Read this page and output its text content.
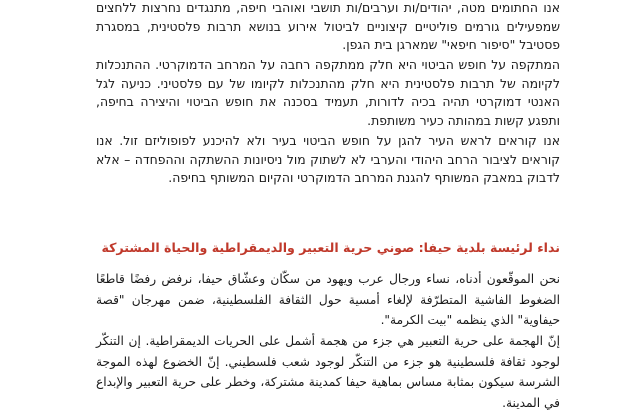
אנו החתומים מטה, יהודים/ות וערבים/ות תושבי ואוהבי חיפה, מתנגדים נחרצות ללחצים שמפעילים גורמים פוליטיים קיצוניים לביטול אירוע בנושא תרבות פלסטינית, במסגרת פסטיבל "סיפור חיפאי" שמארגן בית הגפן.

המתקפה על חופש הביטוי היא חלק ממתקפה רחבה על המרחב הדמוקרטי. ההתנכלות לקיומה של תרבות פלסטינית היא חלק מהתנכלות לקיומו של עם פלסטיני. כניעה לגל האנטי דמוקרטי תהיה בכיה לדורות, תעמיד בסכנה את חופש הביטוי והיצירה בחיפה, ותפגע קשות במהותה כעיר משותפת.

אנו קוראים לראש העיר להגן על חופש הביטוי בעיר ולא להיכנע לפופוליזם זול. אנו קוראים לציבור הרחב היהודי והערבי לא לשתוק מול ניסיונות ההשתקה וההפחדה – אלא לדבוק במאבק המשותף להגנת המרחב הדמוקרטי והקיום המשותף בחיפה.

نداء لرئيسة بلدية حيفا: صوني حرية التعبير والديمقراطية والحياة المشتركة

نحن الموقّعون أدناه، نساء ورجال عرب ويهود من سكّان وعشّاق حيفا، نرفض رفضًا قاطعًا الضغوط الفاشية المتطرّفة لإلغاء أمسية حول الثقافة الفلسطينية، ضمن مهرجان "قصة حيفاوية" الذي ينظمه "بيت الكرمة".

إنّ الهجمة على حرية التعبير هي جزء من هجمة أشمل على الحريات الديمقراطية. إن التنكّر لوجود ثقافة فلسطينية هو جزء من التنكّر لوجود شعب فلسطيني. إنّ الخضوع لهذه الموجة الشرسة سيكون بمثابة مساس بماهية حيفا كمدينة مشتركة، وخطر على حرية التعبير والإبداع في المدينة.
